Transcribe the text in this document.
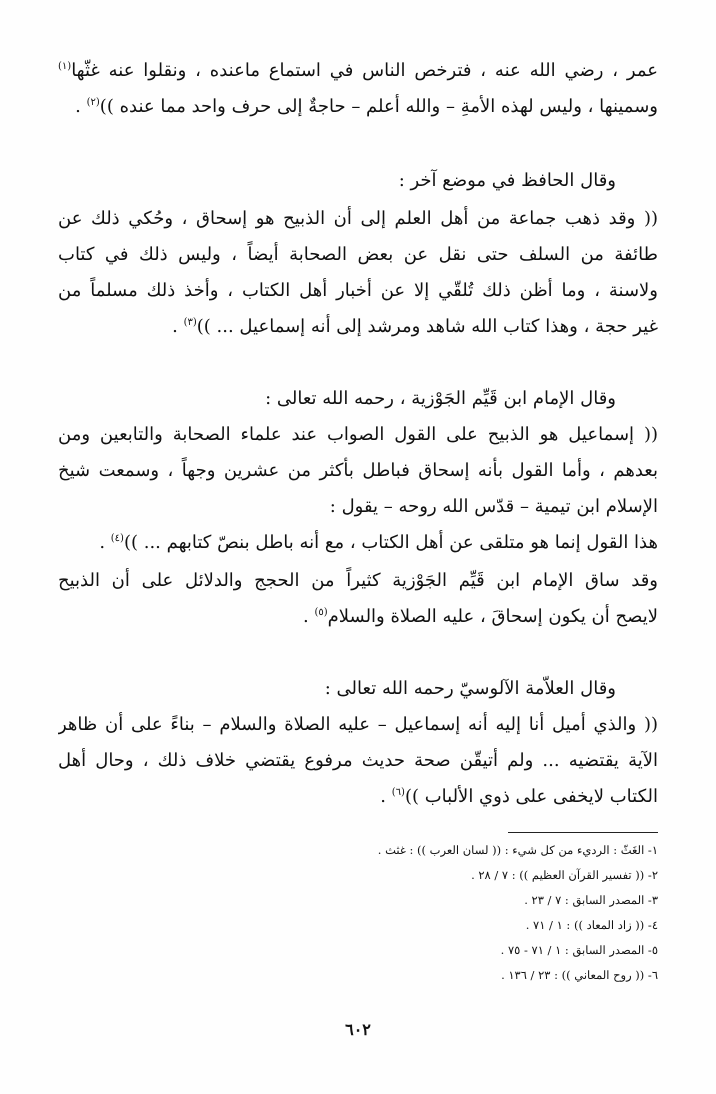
عمر ، رضي الله عنه ، فترخص الناس في استماع ماعنده ، ونقلوا عنه غثّها$^{(١)}$
وسمينها ، وليس لهذه الأمةِ – والله أعلم – حاجةٌ إلى حرف واحد مما عنده ))$^{(٢)}$ .
وقال الحافظ في موضع آخر :
(( وقد ذهب جماعة من أهل العلم إلى أن الذبيح هو إسحاق ، وحُكي ذلك عن
طائفة من السلف حتى نقل عن بعض الصحابة أيضاً ، وليس ذلك في كتاب
ولاسنة ، وما أظن ذلك تُلقّي إلا عن أخبار أهل الكتاب ، وأخذ ذلك مسلماً من
غير حجة ، وهذا كتاب الله شاهد ومرشد إلى أنه إسماعيل ... ))$^{(٣)}$ .
وقال الإمام ابن قَيِّم الجَوْزية ، رحمه الله تعالى :
(( إسماعيل هو الذبيح على القول الصواب عند علماء الصحابة والتابعين ومن
بعدهم ، وأما القول بأنه إسحاق فباطل بأكثر من عشرين وجهاً ، وسمعت شيخ
الإسلام ابن تيمية – قدّس الله روحه – يقول :
هذا القول إنما هو متلقى عن أهل الكتاب ، مع أنه باطل بنصّ كتابهم ... ))$^{(٤)}$ .
وقد ساق الإمام ابن قَيِّم الجَوْزية كثيراً من الحجج والدلائل على أن الذبيح
لايصح أن يكون إسحاقَ ، عليه الصلاة والسلام$^{(٥)}$ .
وقال العلاّمة الآلوسيّ رحمه الله تعالى :
(( والذي أميل أنا إليه أنه إسماعيل – عليه الصلاة والسلام – بناءً على أن ظاهر
الآية يقتضيه ... ولم أتيقّن صحة حديث مرفوع يقتضي خلاف ذلك ، وحال أهل
الكتاب لايخفى على ذوي الألباب ))$^{(٦)}$ .
١- الغَثّ : الرديء من كل شيء : (( لسان العرب )) : غثث .
٢- (( تفسير القرآن العظيم )) : ٧ / ٢٨ .
٣- المصدر السابق : ٧ / ٢٣ .
٤- (( زاد المعاد )) : ١ / ٧١ .
٥- المصدر السابق : ١ / ٧١ - ٧٥ .
٦- (( روح المعاني )) : ٢٣ / ١٣٦ .
٦٠٢
